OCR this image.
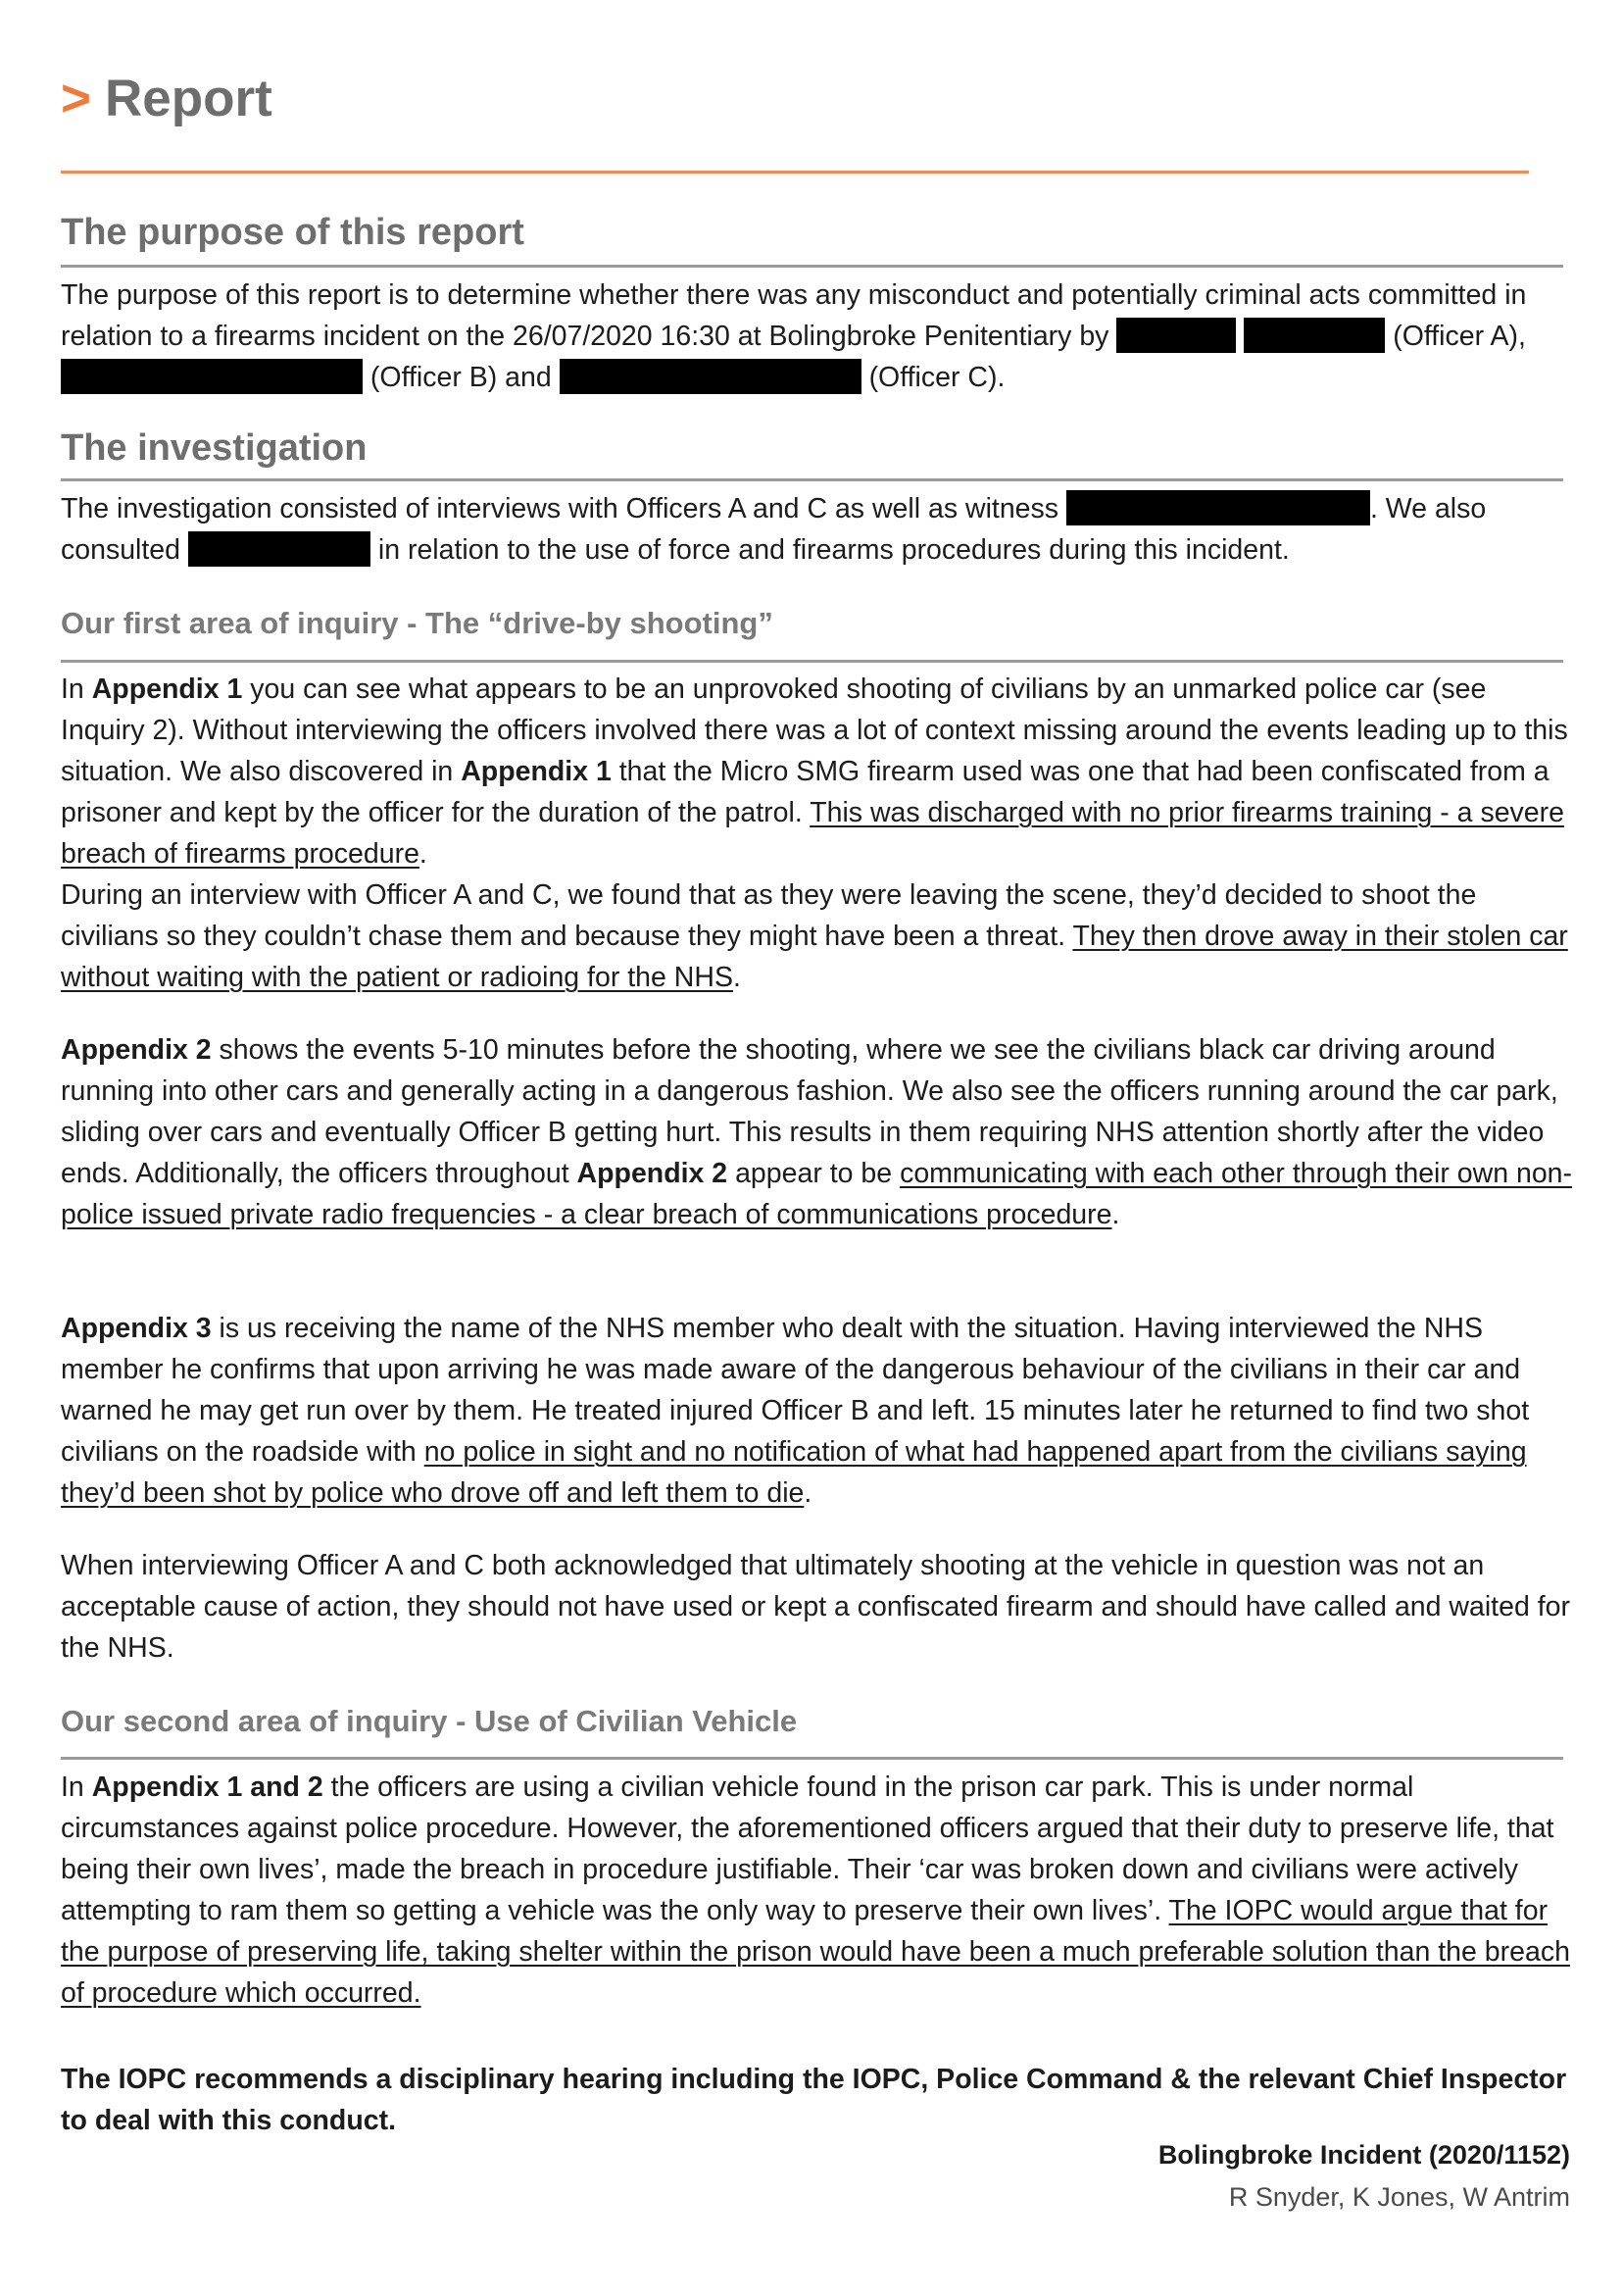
> Report
The purpose of this report
The purpose of this report is to determine whether there was any misconduct and potentially criminal acts committed in relation to a firearms incident on the 26/07/2020 16:30 at Bolingbroke Penitentiary by	(Officer A),  (Officer B) and	(Officer C).
The investigation
The investigation consisted of interviews with Officers A and C as well as witness	. We also consulted	in relation to the use of force and firearms procedures during this incident.
Our first area of inquiry - The “drive-by shooting”
In Appendix 1 you can see what appears to be an unprovoked shooting of civilians by an unmarked police car (see Inquiry 2). Without interviewing the officers involved there was a lot of context missing around the events leading up to this situation. We also discovered in Appendix 1 that the Micro SMG firearm used was one that had been confiscated from a prisoner and kept by the officer for the duration of the patrol. This was discharged with no prior firearms training - a severe breach of firearms procedure.
During an interview with Officer A and C, we found that as they were leaving the scene, they’d decided to shoot the civilians so they couldn’t chase them and because they might have been a threat. They then drove away in their stolen car without waiting with the patient or radioing for the NHS.
Appendix 2 shows the events 5-10 minutes before the shooting, where we see the civilians black car driving around running into other cars and generally acting in a dangerous fashion. We also see the officers running around the car park, sliding over cars and eventually Officer B getting hurt. This results in them requiring NHS attention shortly after the video ends. Additionally, the officers throughout Appendix 2 appear to be communicating with each other through their own non-police issued private radio frequencies - a clear breach of communications procedure.
Appendix 3 is us receiving the name of the NHS member who dealt with the situation. Having interviewed the NHS member he confirms that upon arriving he was made aware of the dangerous behaviour of the civilians in their car and warned he may get run over by them. He treated injured Officer B and left. 15 minutes later he returned to find two shot civilians on the roadside with no police in sight and no notification of what had happened apart from the civilians saying they’d been shot by police who drove off and left them to die.
When interviewing Officer A and C both acknowledged that ultimately shooting at the vehicle in question was not an acceptable cause of action, they should not have used or kept a confiscated firearm and should have called and waited for the NHS.
Our second area of inquiry - Use of Civilian Vehicle
In Appendix 1 and 2 the officers are using a civilian vehicle found in the prison car park. This is under normal circumstances against police procedure. However, the aforementioned officers argued that their duty to preserve life, that being their own lives’, made the breach in procedure justifiable. Their ‘car was broken down and civilians were actively attempting to ram them so getting a vehicle was the only way to preserve their own lives’. The IOPC would argue that for the purpose of preserving life, taking shelter within the prison would have been a much preferable solution than the breach of procedure which occurred.
The IOPC recommends a disciplinary hearing including the IOPC, Police Command & the relevant Chief Inspector to deal with this conduct.
Bolingbroke Incident (2020/1152)
R Snyder, K Jones, W Antrim
